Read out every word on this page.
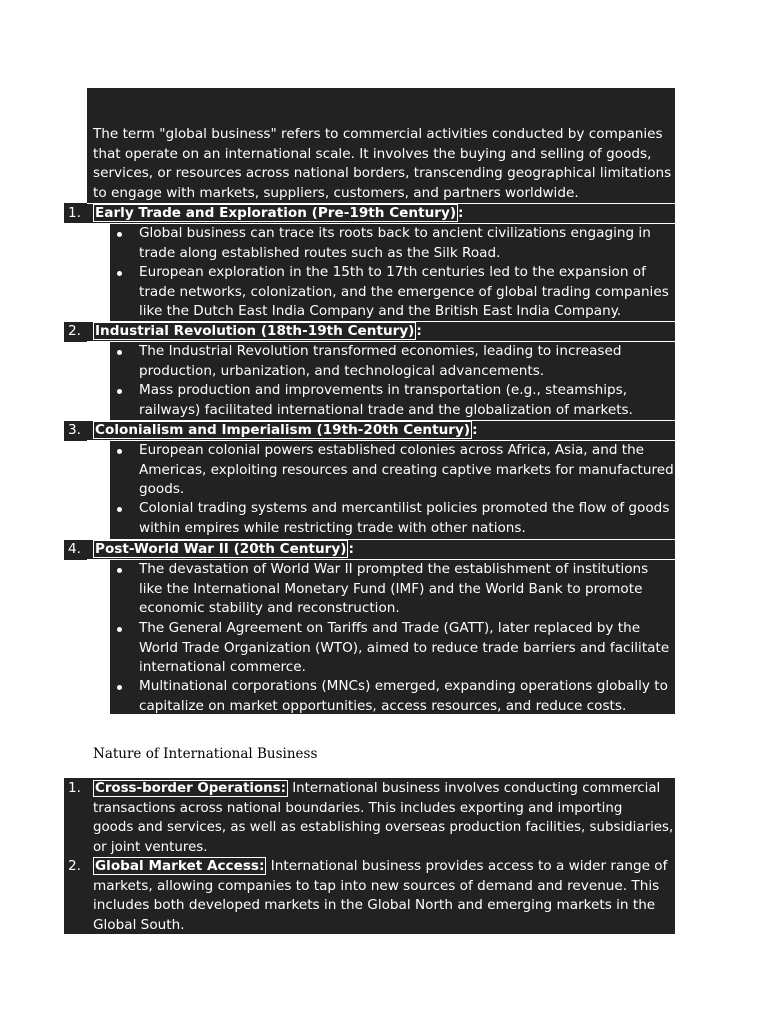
The term "global business" refers to commercial activities conducted by companies
that operate on an international scale. It involves the buying and selling of goods,
services, or resources across national borders, transcending geographical limitations
to engage with markets, suppliers, customers, and partners worldwide.
1. Early Trade and Exploration (Pre-19th Century) :
Global business can trace its roots back to ancient civilizations engaging in
trade along established routes such as the Silk Road.
European exploration in the 15th to 17th centuries led to the expansion of
trade networks, colonization, and the emergence of global trading companies
like the Dutch East India Company and the British East India Company.
2. Industrial Revolution (18th-19th Century) :
The Industrial Revolution transformed economies, leading to increased
production, urbanization, and technological advancements.
Mass production and improvements in transportation (e.g., steamships,
railways) facilitated international trade and the globalization of markets.
3. Colonialism and Imperialism (19th-20th Century) :
European colonial powers established colonies across Africa, Asia, and the
Americas, exploiting resources and creating captive markets for manufactured
goods.
Colonial trading systems and mercantilist policies promoted the flow of goods
within empires while restricting trade with other nations.
4. Post-World War II (20th Century) :
The devastation of World War II prompted the establishment of institutions
like the International Monetary Fund (IMF) and the World Bank to promote
economic stability and reconstruction.
The General Agreement on Tariffs and Trade (GATT), later replaced by the
World Trade Organization (WTO), aimed to reduce trade barriers and facilitate
international commerce.
Multinational corporations (MNCs) emerged, expanding operations globally to
capitalize on market opportunities, access resources, and reduce costs.
Nature of International Business
1. Cross-border Operations: International business involves conducting commercial
transactions across national boundaries. This includes exporting and importing
goods and services, as well as establishing overseas production facilities, subsidiaries,
or joint ventures.
2. Global Market Access: International business provides access to a wider range of
markets, allowing companies to tap into new sources of demand and revenue. This
includes both developed markets in the Global North and emerging markets in the
Global South.
